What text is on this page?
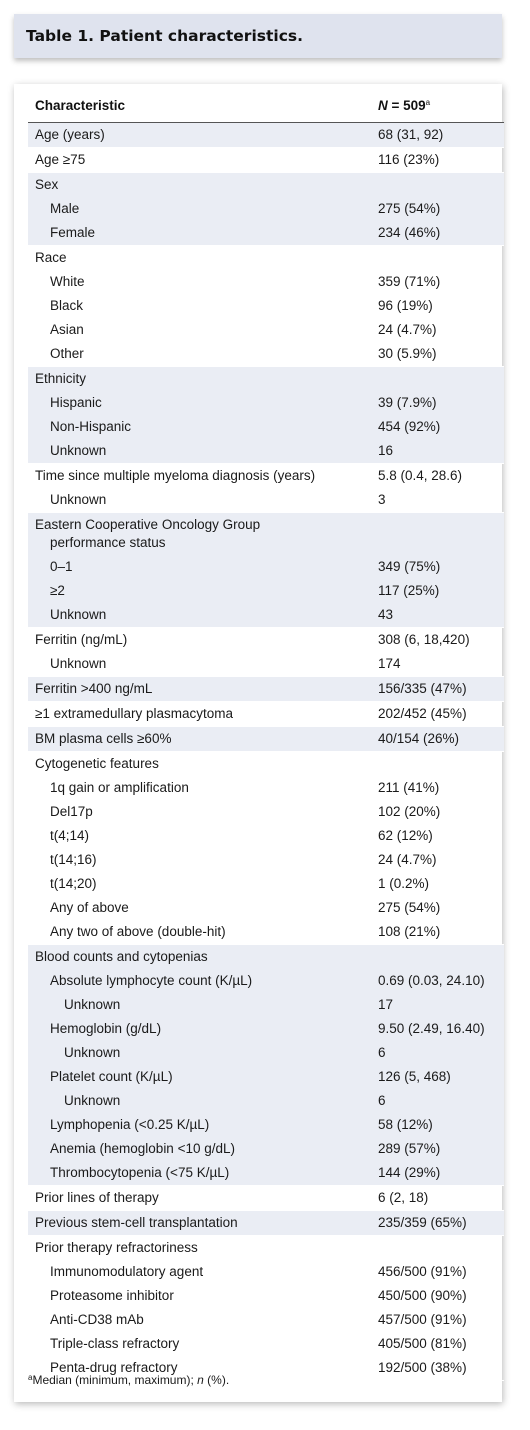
Table 1. Patient characteristics.
Characteristic	$N = 509^a$
Age (years)	68 (31, 92)
Age ≥75	116 (23%)
Sex
Male	275 (54%)
Female	234 (46%)
Race
White	359 (71%)
Black	96 (19%)
Asian	24 (4.7%)
Other	30 (5.9%)
Ethnicity
Hispanic	39 (7.9%)
Non-Hispanic	454 (92%)
Unknown	16
Time since multiple myeloma diagnosis (years)	5.8 (0.4, 28.6)
Unknown	3
Eastern Cooperative Oncology Group
performance status
0–1	349 (75%)
≥2	117 (25%)
Unknown	43
Ferritin (ng/mL)	308 (6, 18,420)
Unknown	174
Ferritin >400 ng/mL	156/335 (47%)
≥1 extramedullary plasmacytoma	202/452 (45%)
BM plasma cells ≥60%	40/154 (26%)
Cytogenetic features
1q gain or amplification	211 (41%)
Del17p	102 (20%)
t(4;14)	62 (12%)
t(14;16)	24 (4.7%)
t(14;20)	1 (0.2%)
Any of above	275 (54%)
Any two of above (double-hit)	108 (21%)
Blood counts and cytopenias
Absolute lymphocyte count (K/µL)	0.69 (0.03, 24.10)
Unknown	17
Hemoglobin (g/dL)	9.50 (2.49, 16.40)
Unknown	6
Platelet count (K/µL)	126 (5, 468)
Unknown	6
Lymphopenia (<0.25 K/µL)	58 (12%)
Anemia (hemoglobin <10 g/dL)	289 (57%)
Thrombocytopenia (<75 K/µL)	144 (29%)
Prior lines of therapy	6 (2, 18)
Previous stem-cell transplantation	235/359 (65%)
Prior therapy refractoriness
Immunomodulatory agent	456/500 (91%)
Proteasome inhibitor	450/500 (90%)
Anti-CD38 mAb	457/500 (91%)
Triple-class refractory	405/500 (81%)
Penta-drug refractory	192/500 (38%)
$^a$Median (minimum, maximum); n (%).
